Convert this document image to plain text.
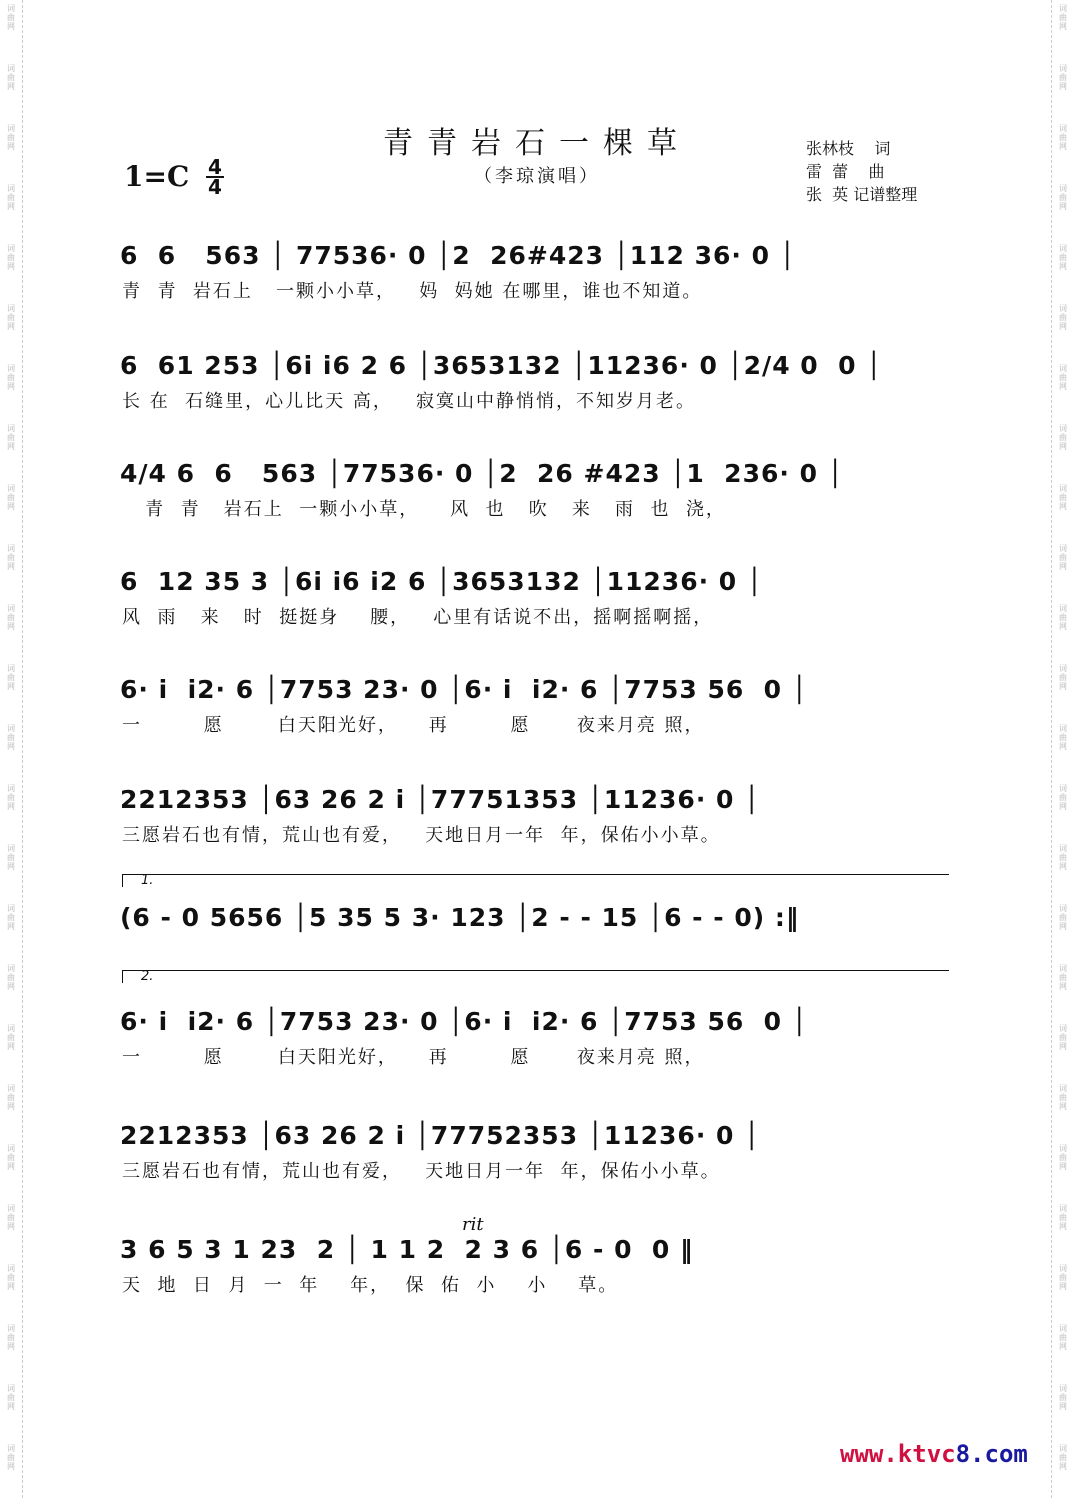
词
曲
网
词
曲
网
词
曲
网
词
曲
网
词
曲
网
词
曲
网
词
曲
网
词
曲
网
词
曲
网
词
曲
网
词
曲
网
词
曲
网
词
曲
网
词
曲
网
词
曲
网
词
曲
网
词
曲
网
词
曲
网
词
曲
网
词
曲
网
词
曲
网
词
曲
网
词
曲
网
词
曲
网
词
曲
网
词
曲
网
词
曲
网
词
曲
网
词
曲
网
词
曲
网
词
曲
网
词
曲
网
词
曲
网
词
曲
网
词
曲
网
词
曲
网
词
曲
网
词
曲
网
词
曲
网
词
曲
网
词
曲
网
词
曲
网
词
曲
网
词
曲
网
词
曲
网
词
曲
网
词
曲
网
词
曲
网
词
曲
网
词
曲
网
青青岩石一棵草
（李琼演唱）
1=C 4
4
张林枝    词
雷  蕾    曲
张  英 记谱整理
6  6   563 │ 77536· 0 │2  26#423 │112 36· 0 │
青  青  岩石上   一颗小小草，   妈  妈她 在哪里，谁也不知道。
6  61 253 │6i i6 2 6 │3653132 │11236· 0 │2/4 0  0 │
长 在  石缝里，心儿比天 高，   寂寞山中静悄悄，不知岁月老。
4/4 6  6   563 │77536· 0 │2  26 #423 │1  236· 0 │
青  青   岩石上  一颗小小草，    风  也   吹   来   雨  也  浇，
6  12 35 3 │6i i6 i2 6 │3653132 │11236· 0 │
风  雨   来   时  挺挺身    腰，   心里有话说不出，摇啊摇啊摇，
6· i  i2· 6 │7753 23· 0 │6· i  i2· 6 │7753 56  0 │
一        愿       白天阳光好，    再        愿      夜来月亮 照，
2212353 │63 26 2 i │77751353 │11236· 0 │
三愿岩石也有情，荒山也有爱，   天地日月一年  年，保佑小小草。
1.
(6 - 0 5656 │5 35 5 3· 123 │2 - - 15 │6 - - 0) :‖
2.
6· i  i2· 6 │7753 23· 0 │6· i  i2· 6 │7753 56  0 │
一        愿       白天阳光好，    再        愿      夜来月亮 照，
2212353 │63 26 2 i │77752353 │11236· 0 │
三愿岩石也有情，荒山也有爱，   天地日月一年  年，保佑小小草。
rit
3 6 5 3 1 23  2 │ 1 1 2  2 3 6 │6 - 0  0 ‖
天  地  日  月  一  年    年，  保  佑  小    小    草。
www.ktvc8.com
